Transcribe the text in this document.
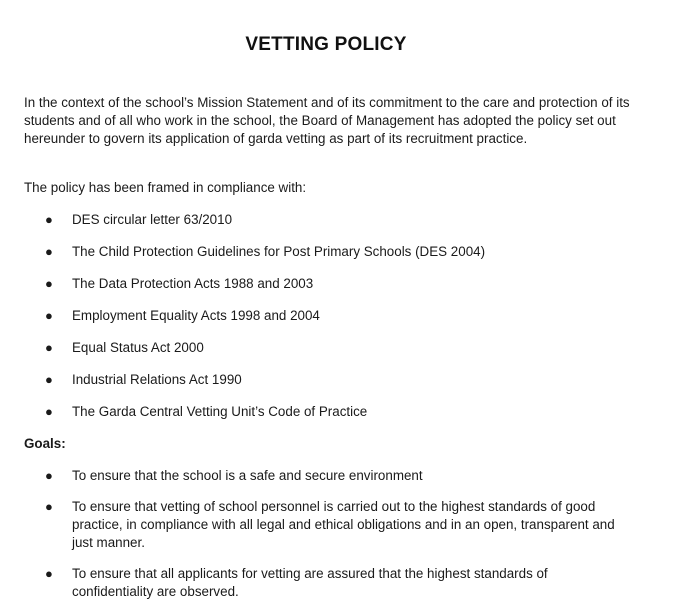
VETTING POLICY
In the context of the school’s Mission Statement and of its commitment to the care and protection of its students and of all who work in the school, the Board of Management has adopted the policy set out hereunder to govern its application of garda vetting as part of its recruitment practice.
The policy has been framed in compliance with:
● DES circular letter 63/2010
● The Child Protection Guidelines for Post Primary Schools (DES 2004)
● The Data Protection Acts 1988 and 2003
● Employment Equality Acts 1998 and 2004
● Equal Status Act 2000
● Industrial Relations Act 1990
● The Garda Central Vetting Unit’s Code of Practice
Goals:
● To ensure that the school is a safe and secure environment
● To ensure that vetting of school personnel is carried out to the highest standards of good practice, in compliance with all legal and ethical obligations and in an open, transparent and just manner.
● To ensure that all applicants for vetting are assured that the highest standards of confidentiality are observed.
